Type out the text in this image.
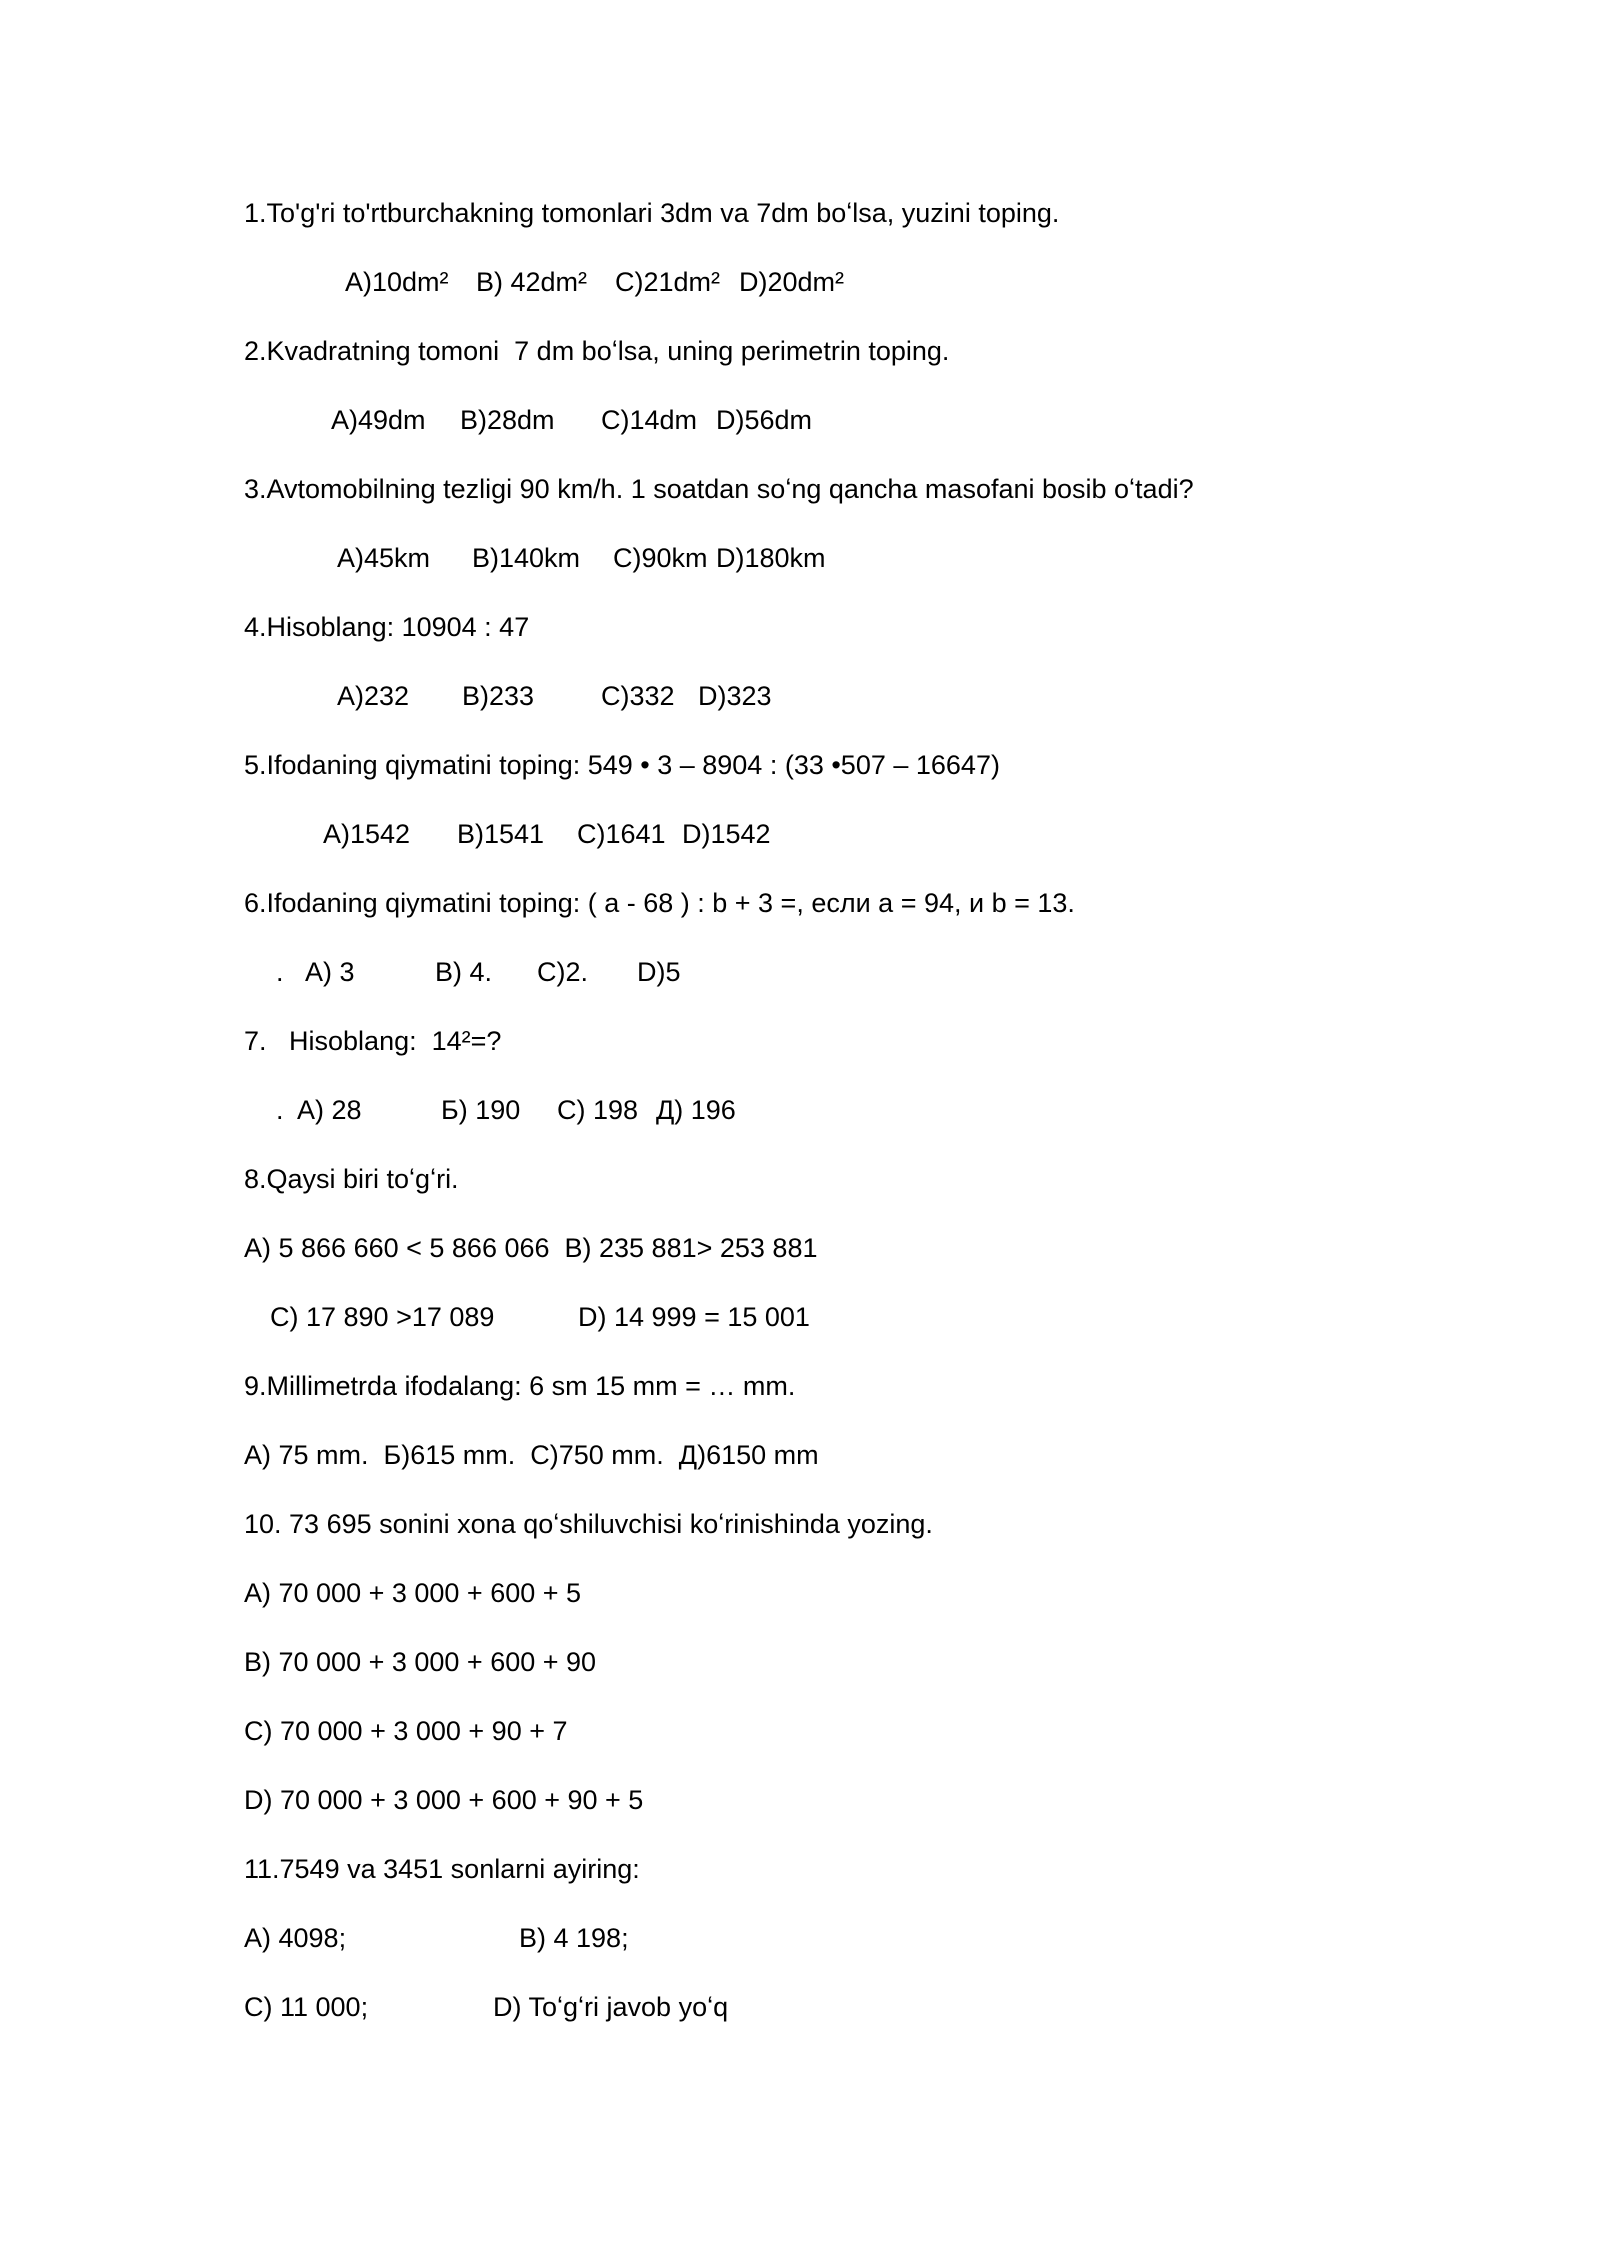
1.To'g'ri to'rtburchakning tomonlari 3dm va 7dm boʻlsa, yuzini toping.
A)10dm² B) 42dm² C)21dm² D)20dm²
2.Kvadratning tomoni  7 dm boʻlsa, uning perimetrin toping.
A)49dm B)28dm C)14dm D)56dm
3.Avtomobilning tezligi 90 km/h. 1 soatdan soʻng qancha masofani bosib oʻtadi?
A)45km B)140km C)90km D)180km
4.Hisoblang: 10904 : 47
A)232 B)233 C)332 D)323
5.Ifodaning qiymatini toping: 549 • 3 – 8904 : (33 •507 – 16647)
A)1542 B)1541 C)1641 D)1542
6.Ifodaning qiymatini toping: ( a - 68 ) : b + 3 =, если a = 94, и b = 13.
. A) 3	B) 4. C)2. D)5
7.   Hisoblang:  14²=?
. A) 28	Б) 190 C) 198 Д) 196
8.Qaysi biri toʻgʻri.
A) 5 866 660 < 5 866 066  B) 235 881> 253 881
C) 17 890 >17 089	D) 14 999 = 15 001
9.Millimetrda ifodalang: 6 sm 15 mm = … mm.
A) 75 mm.  Б)615 mm.  C)750 mm.  Д)6150 mm
10. 73 695 sonini xona qoʻshiluvchisi koʻrinishinda yozing.
A) 70 000 + 3 000 + 600 + 5
B) 70 000 + 3 000 + 600 + 90
C) 70 000 + 3 000 + 90 + 7
D) 70 000 + 3 000 + 600 + 90 + 5
11.7549 va 3451 sonlarni ayiring:
A) 4098;	B) 4 198;
C) 11 000;	D) Toʻgʻri javob yoʻq
